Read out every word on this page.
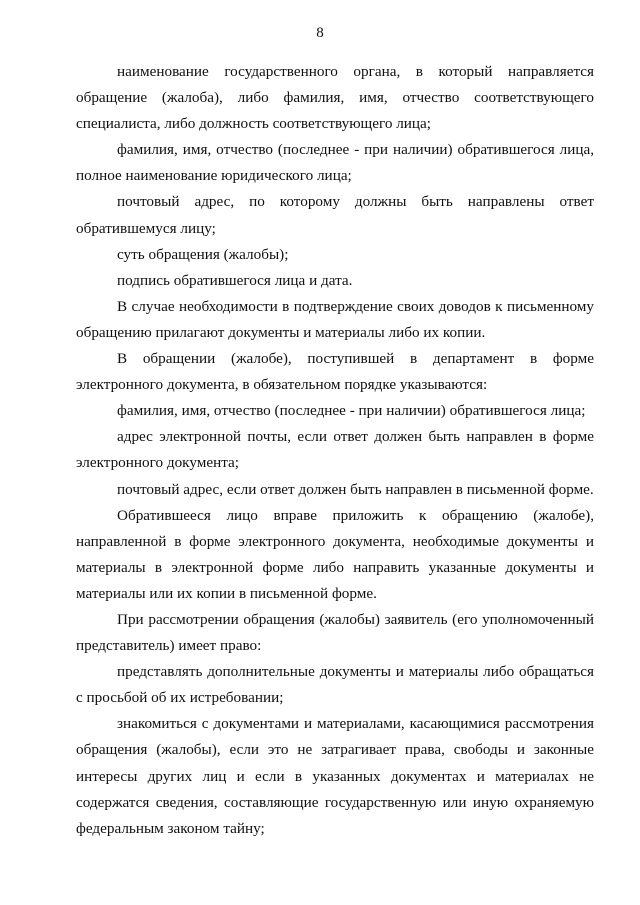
8

наименование государственного органа, в который направляется обращение (жалоба), либо фамилия, имя, отчество соответствующего специалиста, либо должность соответствующего лица;

фамилия, имя, отчество (последнее - при наличии) обратившегося лица, полное наименование юридического лица;

почтовый адрес, по которому должны быть направлены ответ обратившемуся лицу;

суть обращения (жалобы);

подпись обратившегося лица и дата.

В случае необходимости в подтверждение своих доводов к письменному обращению прилагают документы и материалы либо их копии.

В обращении (жалобе), поступившей в департамент в форме электронного документа, в обязательном порядке указываются:

фамилия, имя, отчество (последнее - при наличии) обратившегося лица;

адрес электронной почты, если ответ должен быть направлен в форме электронного документа;

почтовый адрес, если ответ должен быть направлен в письменной форме.

Обратившееся лицо вправе приложить к обращению (жалобе), направленной в форме электронного документа, необходимые документы и материалы в электронной форме либо направить указанные документы и материалы или их копии в письменной форме.

При рассмотрении обращения (жалобы) заявитель (его уполномоченный представитель) имеет право:

представлять дополнительные документы и материалы либо обращаться с просьбой об их истребовании;

знакомиться с документами и материалами, касающимися рассмотрения обращения (жалобы), если это не затрагивает права, свободы и законные интересы других лиц и если в указанных документах и материалах не содержатся сведения, составляющие государственную или иную охраняемую федеральным законом тайну;
